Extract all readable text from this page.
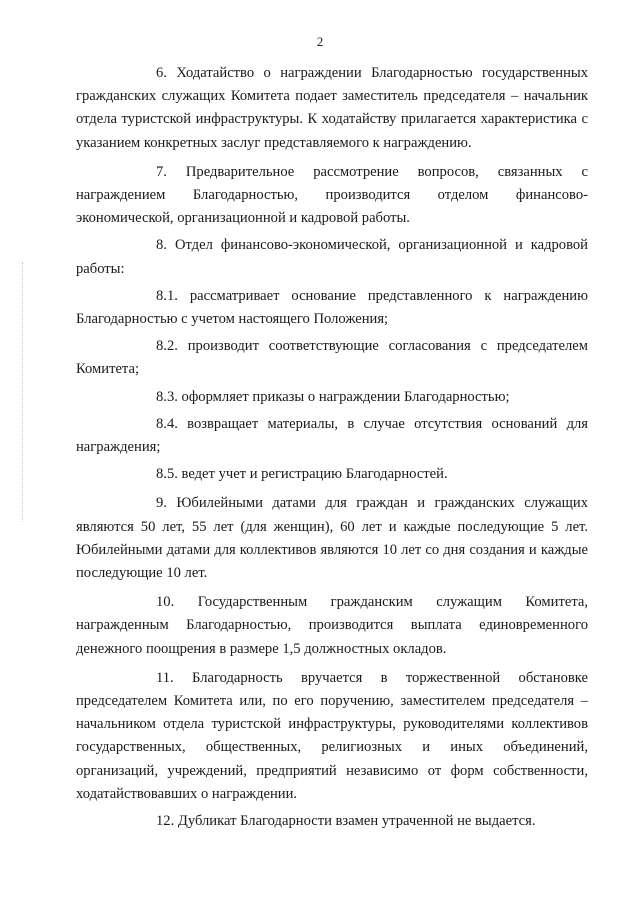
2

6. Ходатайство о награждении Благодарностью государственных гражданских служащих Комитета подает заместитель председателя – начальник отдела туристской инфраструктуры. К ходатайству прилагается характеристика с указанием конкретных заслуг представляемого к награждению.

7. Предварительное рассмотрение вопросов, связанных с награждением Благодарностью, производится отделом финансово-экономической, организационной и кадровой работы.

8. Отдел финансово-экономической, организационной и кадровой работы:

8.1. рассматривает основание представленного к награждению Благодарностью с учетом настоящего Положения;

8.2. производит соответствующие согласования с председателем Комитета;

8.3. оформляет приказы о награждении Благодарностью;

8.4. возвращает материалы, в случае отсутствия оснований для награждения;

8.5. ведет учет и регистрацию Благодарностей.

9. Юбилейными датами для граждан и гражданских служащих являются 50 лет, 55 лет (для женщин), 60 лет и каждые последующие 5 лет. Юбилейными датами для коллективов являются 10 лет со дня создания и каждые последующие 10 лет.

10. Государственным гражданским служащим Комитета, награжденным Благодарностью, производится выплата единовременного денежного поощрения в размере 1,5 должностных окладов.

11. Благодарность вручается в торжественной обстановке председателем Комитета или, по его поручению, заместителем председателя – начальником отдела туристской инфраструктуры, руководителями коллективов государственных, общественных, религиозных и иных объединений, организаций, учреждений, предприятий независимо от форм собственности, ходатайствовавших о награждении.

12. Дубликат Благодарности взамен утраченной не выдается.
